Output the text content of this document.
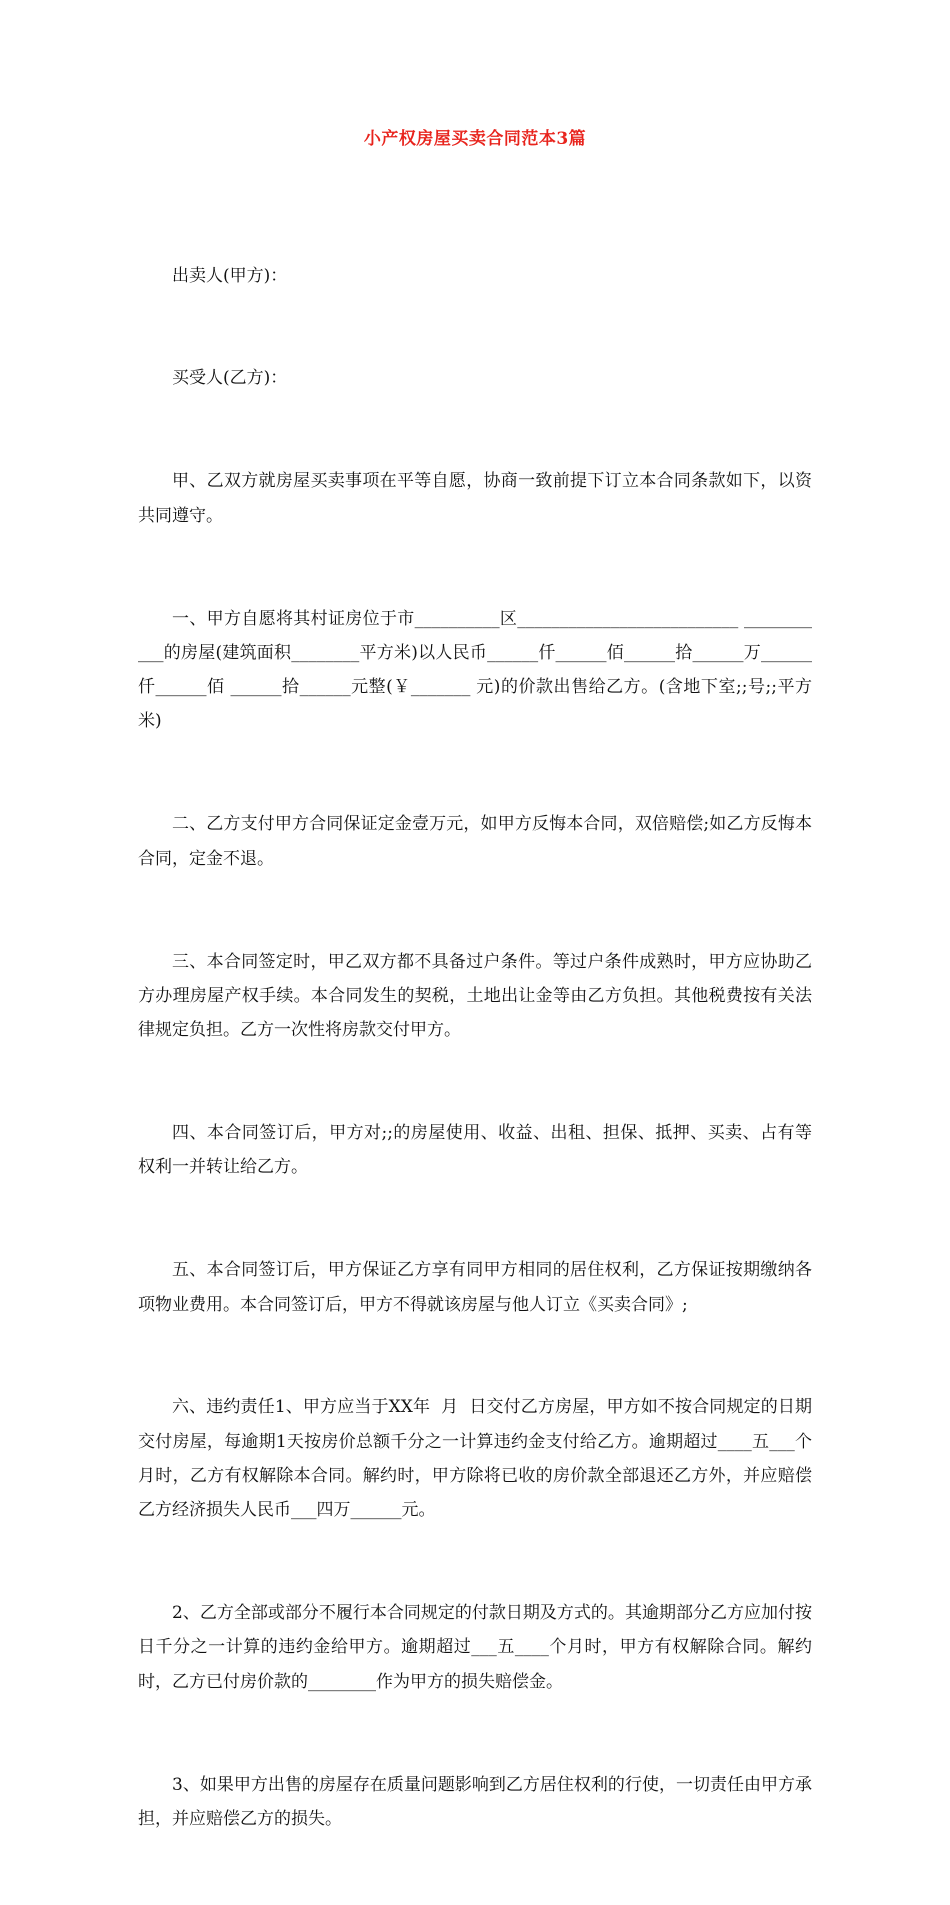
小产权房屋买卖合同范本3篇

出卖人(甲方)：

买受人(乙方)：

甲、乙双方就房屋买卖事项在平等自愿，协商一致前提下订立本合同条款如下，以资共同遵守。

一、甲方自愿将其村证房位于市__________区__________________________ ___________的房屋(建筑面积________平方米)以人民币______仟______佰______拾______万______仟______佰 ______拾______元整(￥_______ 元)的价款出售给乙方。(含地下室;;号;;平方米)

二、乙方支付甲方合同保证定金壹万元，如甲方反悔本合同，双倍赔偿;如乙方反悔本合同，定金不退。

三、本合同签定时，甲乙双方都不具备过户条件。等过户条件成熟时，甲方应协助乙方办理房屋产权手续。本合同发生的契税，土地出让金等由乙方负担。其他税费按有关法律规定负担。乙方一次性将房款交付甲方。

四、本合同签订后，甲方对;;的房屋使用、收益、出租、担保、抵押、买卖、占有等权利一并转让给乙方。

五、本合同签订后，甲方保证乙方享有同甲方相同的居住权利，乙方保证按期缴纳各项物业费用。本合同签订后，甲方不得就该房屋与他人订立《买卖合同》;

六、违约责任1、甲方应当于XX年  月  日交付乙方房屋，甲方如不按合同规定的日期交付房屋，每逾期1天按房价总额千分之一计算违约金支付给乙方。逾期超过____五___个月时，乙方有权解除本合同。解约时，甲方除将已收的房价款全部退还乙方外，并应赔偿乙方经济损失人民币___四万______元。

2、乙方全部或部分不履行本合同规定的付款日期及方式的。其逾期部分乙方应加付按日千分之一计算的违约金给甲方。逾期超过___五____个月时，甲方有权解除合同。解约时，乙方已付房价款的________作为甲方的损失赔偿金。

3、如果甲方出售的房屋存在质量问题影响到乙方居住权利的行使，一切责任由甲方承担，并应赔偿乙方的损失。
